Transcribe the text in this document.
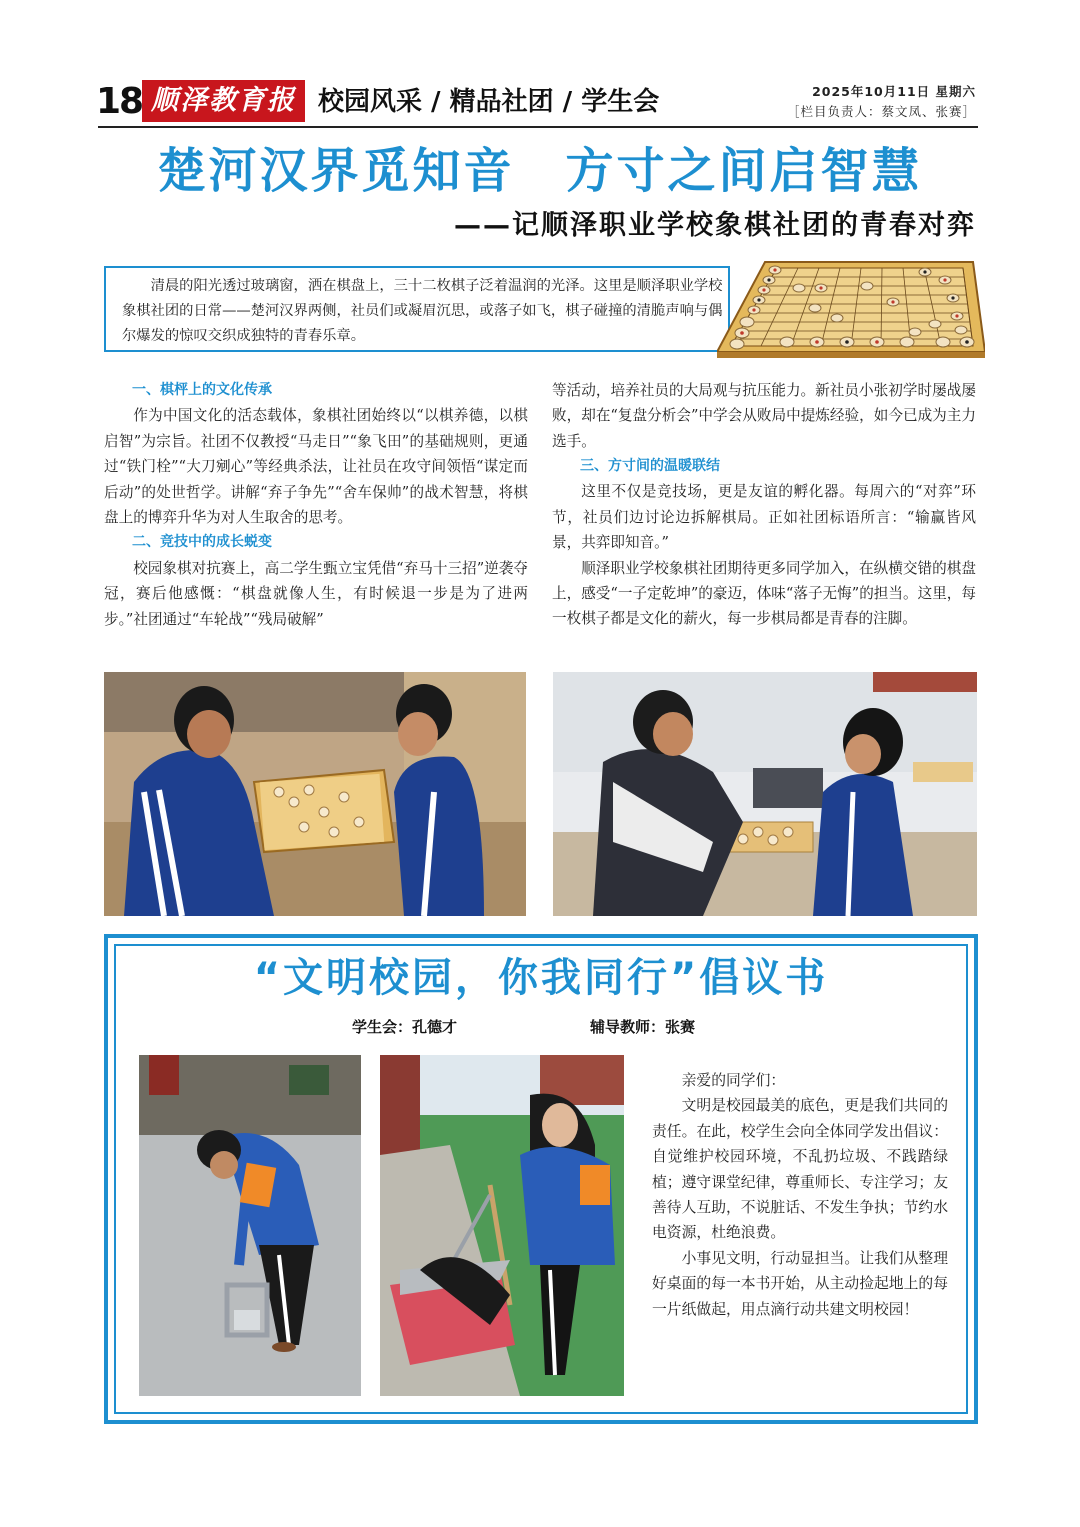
18 顺泽教育报 校园风采 / 精品社团 / 学生会	2025年10月11日 星期六
［栏目负责人：蔡文凤、张赛］
楚河汉界觅知音　方寸之间启智慧
——记顺泽职业学校象棋社团的青春对弈
清晨的阳光透过玻璃窗，洒在棋盘上，三十二枚棋子泛着温润的光泽。这里是顺泽职业学校象棋社团的日常——楚河汉界两侧，社员们或凝眉沉思，或落子如飞，棋子碰撞的清脆声响与偶尔爆发的惊叹交织成独特的青春乐章。
一、棋枰上的文化传承

作为中国文化的活态载体，象棋社团始终以“以棋养德，以棋启智”为宗旨。社团不仅教授“马走日”“象飞田”的基础规则，更通过“铁门栓”“大刀剜心”等经典杀法，让社员在攻守间领悟“谋定而后动”的处世哲学。讲解“弃子争先”“舍车保帅”的战术智慧，将棋盘上的博弈升华为对人生取舍的思考。

二、竞技中的成长蜕变

校园象棋对抗赛上，高二学生甄立宝凭借“弃马十三招”逆袭夺冠，赛后他感慨：“棋盘就像人生，有时候退一步是为了进两步。”社团通过“车轮战”“残局破解”

等活动，培养社员的大局观与抗压能力。新社员小张初学时屡战屡败，却在“复盘分析会”中学会从败局中提炼经验，如今已成为主力选手。

三、方寸间的温暖联结

这里不仅是竞技场，更是友谊的孵化器。每周六的“对弈”环节，社员们边讨论边拆解棋局。正如社团标语所言：“输赢皆风景，共弈即知音。”

顺泽职业学校象棋社团期待更多同学加入，在纵横交错的棋盘上，感受“一子定乾坤”的豪迈，体味“落子无悔”的担当。这里，每一枚棋子都是文化的薪火，每一步棋局都是青春的注脚。

“文明校园，你我同行”倡议书
学生会：孔德才	辅导教师：张赛

亲爱的同学们：

文明是校园最美的底色，更是我们共同的责任。在此，校学生会向全体同学发出倡议：自觉维护校园环境，不乱扔垃圾、不践踏绿植；遵守课堂纪律，尊重师长、专注学习；友善待人互助，不说脏话、不发生争执；节约水电资源，杜绝浪费。

小事见文明，行动显担当。让我们从整理好桌面的每一本书开始，从主动捡起地上的每一片纸做起，用点滴行动共建文明校园！
